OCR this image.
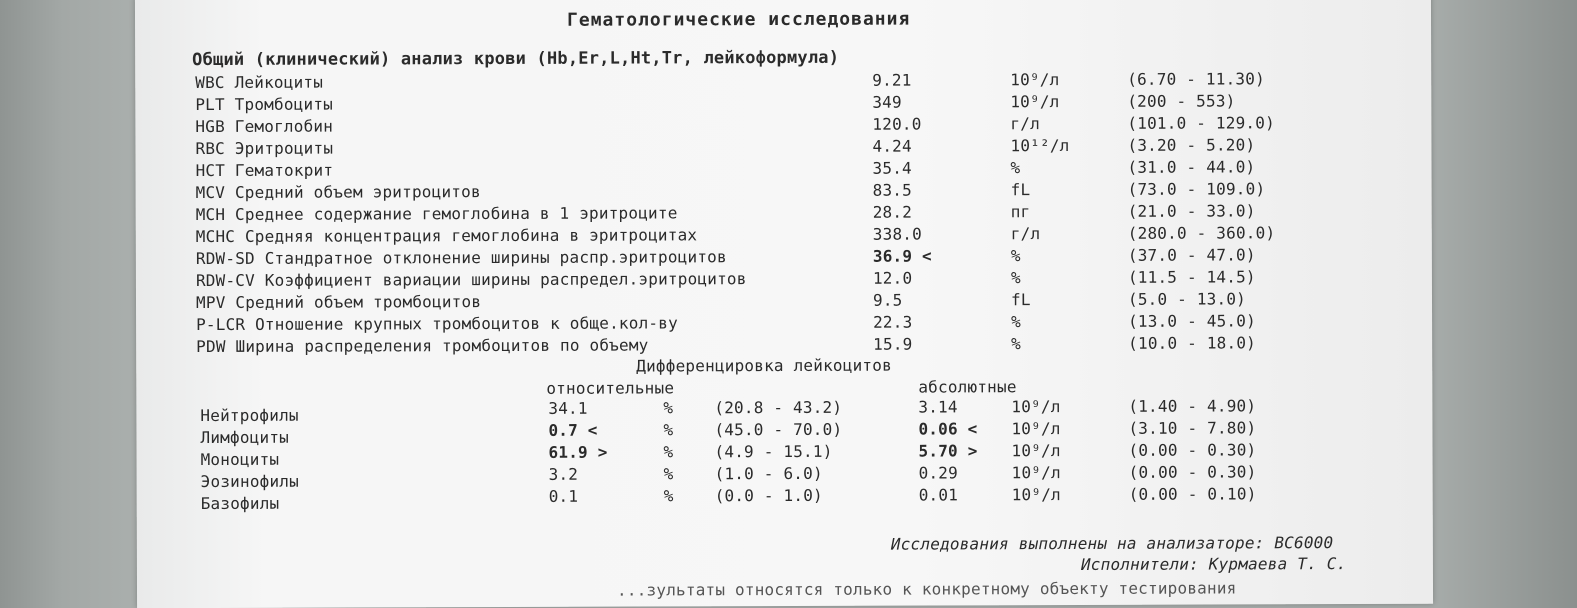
Гематологические исследования
Общий (клинический) анализ крови (Hb,Er,L,Ht,Tr, лейкоформула)
WBC Лейкоциты	9.21	10⁹/л	(6.70 - 11.30)
PLT Тромбоциты	349	10⁹/л	(200 - 553)
HGB Гемоглобин	120.0	г/л	(101.0 - 129.0)
RBC Эритроциты	4.24	10¹²/л	(3.20 - 5.20)
HCT Гематокрит	35.4	%	(31.0 - 44.0)
MCV Средний объем эритроцитов	83.5	fL	(73.0 - 109.0)
MCH Среднее содержание гемоглобина в 1 эритроците	28.2	пг	(21.0 - 33.0)
MCHC Средняя концентрация гемоглобина в эритроцитах	338.0	г/л	(280.0 - 360.0)
RDW-SD Стандратное отклонение ширины распр.эритроцитов	36.9 <	%	(37.0 - 47.0)
RDW-CV Коэффициент вариации ширины распредел.эритроцитов	12.0	%	(11.5 - 14.5)
MPV Средний объем тромбоцитов	9.5	fL	(5.0 - 13.0)
P-LCR Отношение крупных тромбоцитов к обще.кол-ву	22.3	%	(13.0 - 45.0)
PDW Ширина распределения тромбоцитов по объему	15.9	%	(10.0 - 18.0)
Дифференцировка лейкоцитов
относительные	абсолютные
Нейтрофилы	34.1	%	(20.8 - 43.2)	3.14	10⁹/л	(1.40 - 4.90)
Лимфоциты	0.7 <	%	(45.0 - 70.0)	0.06 < 10⁹/л	(3.10 - 7.80)
Моноциты	61.9 >	%	(4.9 - 15.1)	5.70 > 10⁹/л	(0.00 - 0.30)
Эозинофилы	3.2	%	(1.0 - 6.0)	0.29	10⁹/л	(0.00 - 0.30)
Базофилы	0.1	%	(0.0 - 1.0)	0.01	10⁹/л	(0.00 - 0.10)
Исследования выполнены на анализаторе: BC6000
Исполнители: Курмаева Т. С.
...зультаты относятся только к конкретному объекту тестирования
